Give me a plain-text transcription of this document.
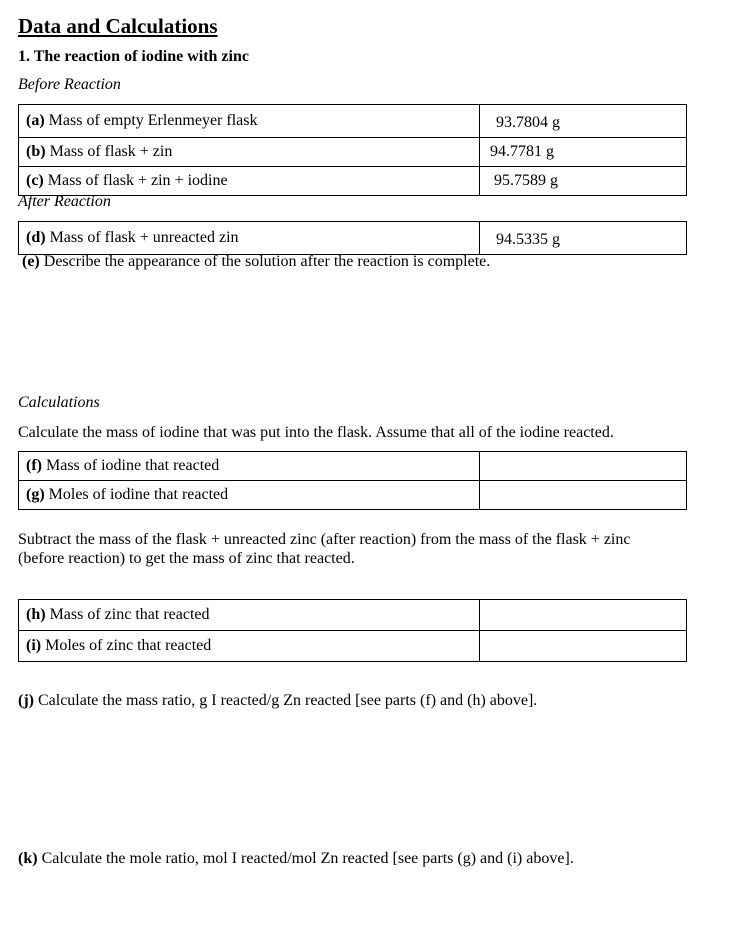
Data and Calculations
1. The reaction of iodine with zinc
Before Reaction
(a) Mass of empty Erlenmeyer flask	93.7804 g
(b) Mass of flask + zin	94.7781 g
(c) Mass of flask + zin + iodine	95.7589 g
After Reaction
(d) Mass of flask + unreacted zin	94.5335 g
(e) Describe the appearance of the solution after the reaction is complete.
Calculations
Calculate the mass of iodine that was put into the flask. Assume that all of the iodine reacted.
(f) Mass of iodine that reacted	
(g) Moles of iodine that reacted	
Subtract the mass of the flask + unreacted zinc (after reaction) from the mass of the flask + zinc
(before reaction) to get the mass of zinc that reacted.
(h) Mass of zinc that reacted	
(i) Moles of zinc that reacted	
(j) Calculate the mass ratio, g I reacted/g Zn reacted [see parts (f) and (h) above].
(k) Calculate the mole ratio, mol I reacted/mol Zn reacted [see parts (g) and (i) above].
